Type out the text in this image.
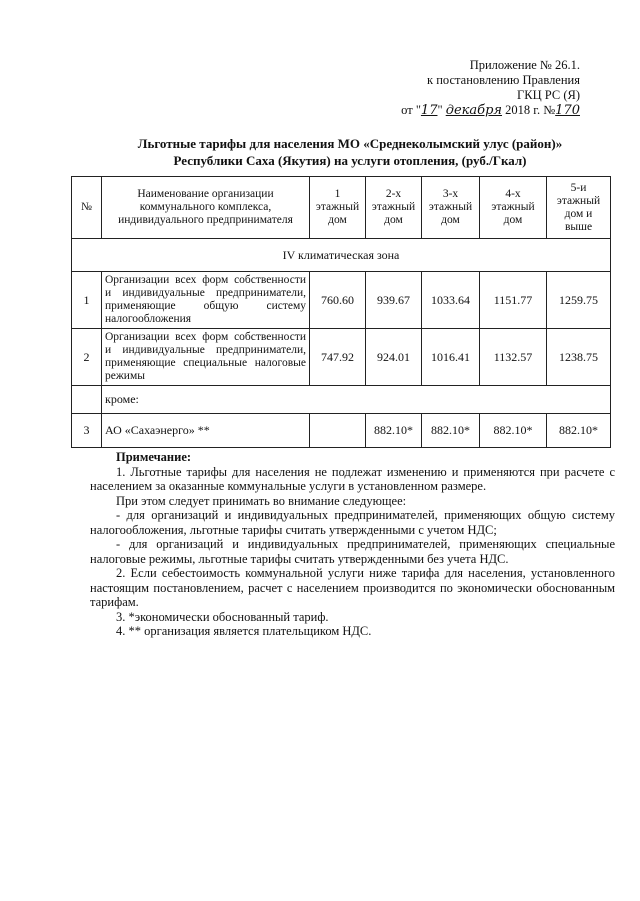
Приложение № 26.1.
к постановлению Правления
ГКЦ РС (Я)
от "17" декабря 2018 г. №170
Льготные тарифы для населения МО «Среднеколымский улус (район)»
Республики Саха (Якутия) на услуги отопления, (руб./Гкал)
№	Наименование организации коммунального комплекса, индивидуального предпринимателя	1 этажный дом	2-х этажный дом	3-х этажный дом	4-х этажный дом	5-и этажный дом и выше
IV климатическая зона						
1	Организации всех форм собственности и индивидуальные предприниматели, применяющие общую систему налогообложения	760.60	939.67	1033.64	1151.77	1259.75
2	Организации всех форм собственности и индивидуальные предприниматели, применяющие специальные налоговые режимы	747.92	924.01	1016.41	1132.57	1238.75
	кроме:					
3	АО «Сахаэнерго» **		882.10*	882.10*	882.10*	882.10*
Примечание:

1. Льготные тарифы для населения не подлежат изменению и применяются при расчете с населением за оказанные коммунальные услуги в установленном размере.

При этом следует принимать во внимание следующее:

- для организаций и индивидуальных предпринимателей, применяющих общую систему налогообложения, льготные тарифы считать утвержденными с учетом НДС;

- для организаций и индивидуальных предпринимателей, применяющих специальные налоговые режимы, льготные тарифы считать утвержденными без учета НДС.

2. Если себестоимость коммунальной услуги ниже тарифа для населения, установленного настоящим постановлением, расчет с населением производится по экономически обоснованным тарифам.

3. *экономически обоснованный тариф.

4. ** организация является плательщиком НДС.
